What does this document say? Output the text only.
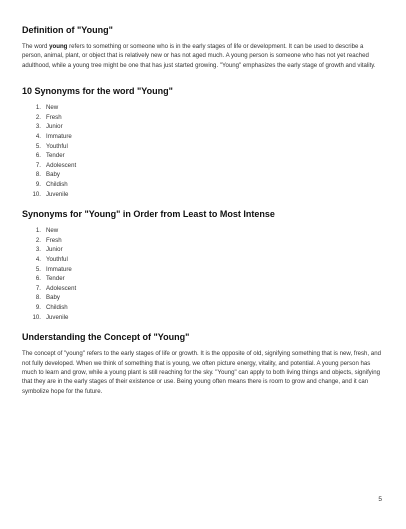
Definition of "Young"

The word young refers to something or someone who is in the early stages of life or development. It can be used to describe a person, animal, plant, or object that is relatively new or has not aged much. A young person is someone who has not yet reached adulthood, while a young tree might be one that has just started growing. "Young" emphasizes the early stage of growth and vitality.

10 Synonyms for the word "Young"
1. New
2. Fresh
3. Junior
4. Immature
5. Youthful
6. Tender
7. Adolescent
8. Baby
9. Childish
10. Juvenile
Synonyms for "Young" in Order from Least to Most Intense
1. New
2. Fresh
3. Junior
4. Youthful
5. Immature
6. Tender
7. Adolescent
8. Baby
9. Childish
10. Juvenile
Understanding the Concept of "Young"

The concept of "young" refers to the early stages of life or growth. It is the opposite of old, signifying something that is new, fresh, and not fully developed. When we think of something that is young, we often picture energy, vitality, and potential. A young person has much to learn and grow, while a young plant is still reaching for the sky. "Young" can apply to both living things and objects, signifying that they are in the early stages of their existence or use. Being young often means there is room to grow and change, and it can symbolize hope for the future.

5
